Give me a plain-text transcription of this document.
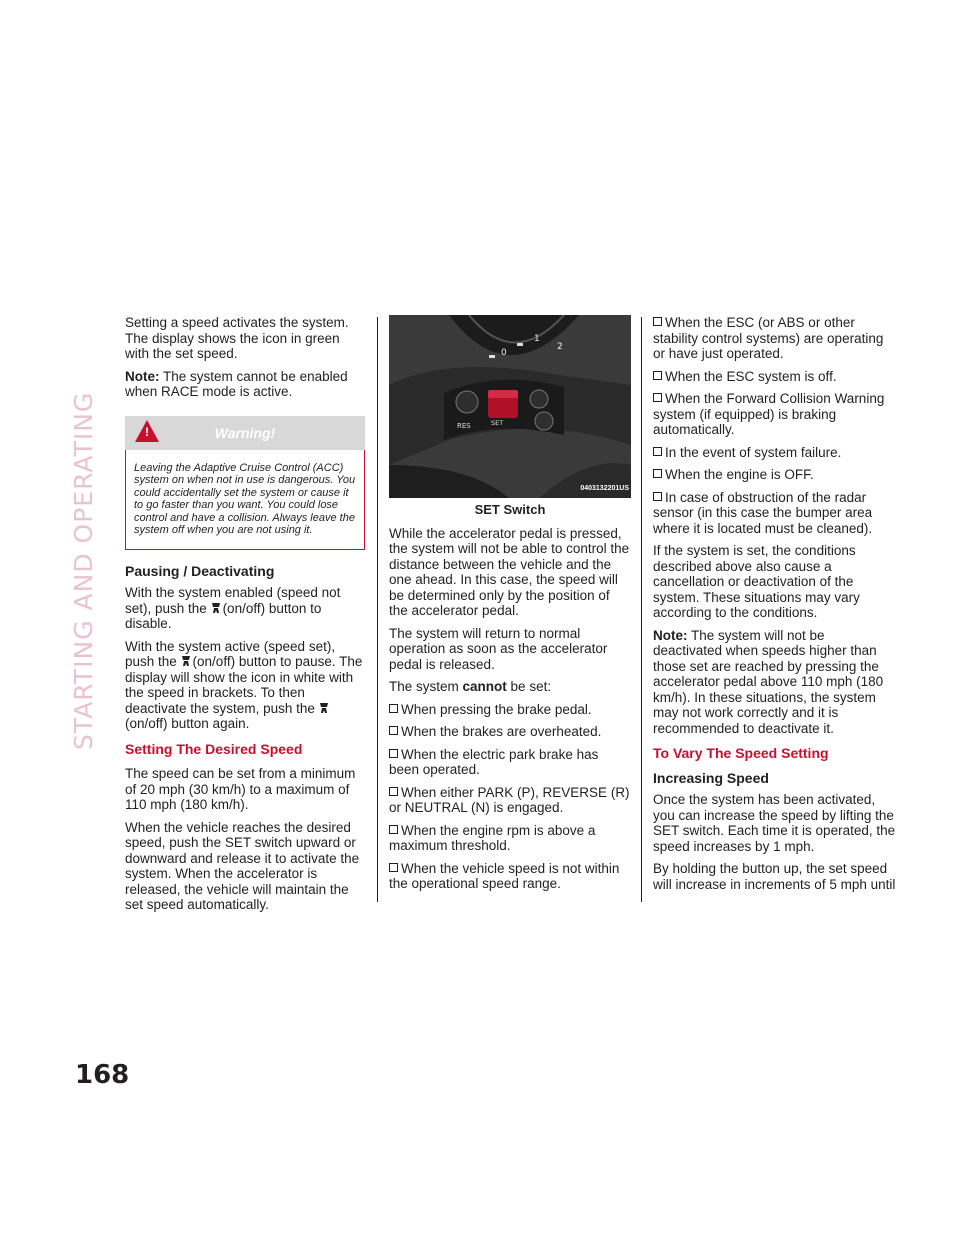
STARTING AND OPERATING
168

Setting a speed activates the system. The display shows the icon in green with the set speed.

Note: The system cannot be enabled when RACE mode is active.

!	Warning!
Leaving the Adaptive Cruise Control (ACC) system on when not in use is dangerous. You could accidentally set the system or cause it to go faster than you want. You could lose control and have a collision. Always leave the system off when you are not using it.

Pausing / Deactivating

With the system enabled (speed not set), push the (on/off) button to disable.

With the system active (speed set), push the (on/off) button to pause. The display will show the icon in white with the speed in brackets. To then deactivate the system, push the (on/off) button again.

Setting The Desired Speed

The speed can be set from a minimum of 20 mph (30 km/h) to a maximum of 110 mph (180 km/h).

When the vehicle reaches the desired speed, push the SET switch upward or downward and release it to activate the system. When the accelerator is released, the vehicle will maintain the set speed automatically.

0
1
2
RES	SET
0403132201US

SET Switch

While the accelerator pedal is pressed, the system will not be able to control the distance between the vehicle and the one ahead. In this case, the speed will be determined only by the position of the accelerator pedal.

The system will return to normal operation as soon as the accelerator pedal is released.

The system cannot be set:

When pressing the brake pedal.

When the brakes are overheated.

When the electric park brake has been operated.

When either PARK (P), REVERSE (R) or NEUTRAL (N) is engaged.

When the engine rpm is above a maximum threshold.

When the vehicle speed is not within the operational speed range.

When the ESC (or ABS or other stability control systems) are operating or have just operated.

When the ESC system is off.

When the Forward Collision Warning system (if equipped) is braking automatically.

In the event of system failure.

When the engine is OFF.

In case of obstruction of the radar sensor (in this case the bumper area where it is located must be cleaned).

If the system is set, the conditions described above also cause a cancellation or deactivation of the system. These situations may vary according to the conditions.

Note: The system will not be deactivated when speeds higher than those set are reached by pressing the accelerator pedal above 110 mph (180 km/h). In these situations, the system may not work correctly and it is recommended to deactivate it.

To Vary The Speed Setting

Increasing Speed

Once the system has been activated, you can increase the speed by lifting the SET switch. Each time it is operated, the speed increases by 1 mph.

By holding the button up, the set speed will increase in increments of 5 mph until
